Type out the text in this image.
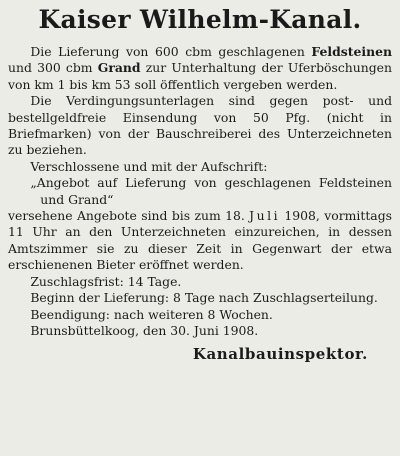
Kaiser Wilhelm-Kanal.

Die Lieferung von 600 cbm geschlagenen Feldsteinen und 300 cbm Grand zur Unterhaltung der Uferböschungen von km 1 bis km 53 soll öffentlich vergeben werden.

Die Verdingungsunterlagen sind gegen post- und bestellgeldfreie Einsendung von 50 Pfg. (nicht in Briefmarken) von der Bauschreiberei des Unterzeichneten zu beziehen.

Verschlossene und mit der Aufschrift:

„Angebot auf Lieferung von geschlagenen Feldsteinen und Grand“

versehene Angebote sind bis zum 18. Juli 1908, vormittags 11 Uhr an den Unterzeichneten einzureichen, in dessen Amtszimmer sie zu dieser Zeit in Gegenwart der etwa erschienenen Bieter eröffnet werden.

Zuschlagsfrist: 14 Tage.

Beginn der Lieferung: 8 Tage nach Zuschlagserteilung.

Beendigung: nach weiteren 8 Wochen.

Brunsbüttelkoog, den 30. Juni 1908.

Kanalbauinspektor.
